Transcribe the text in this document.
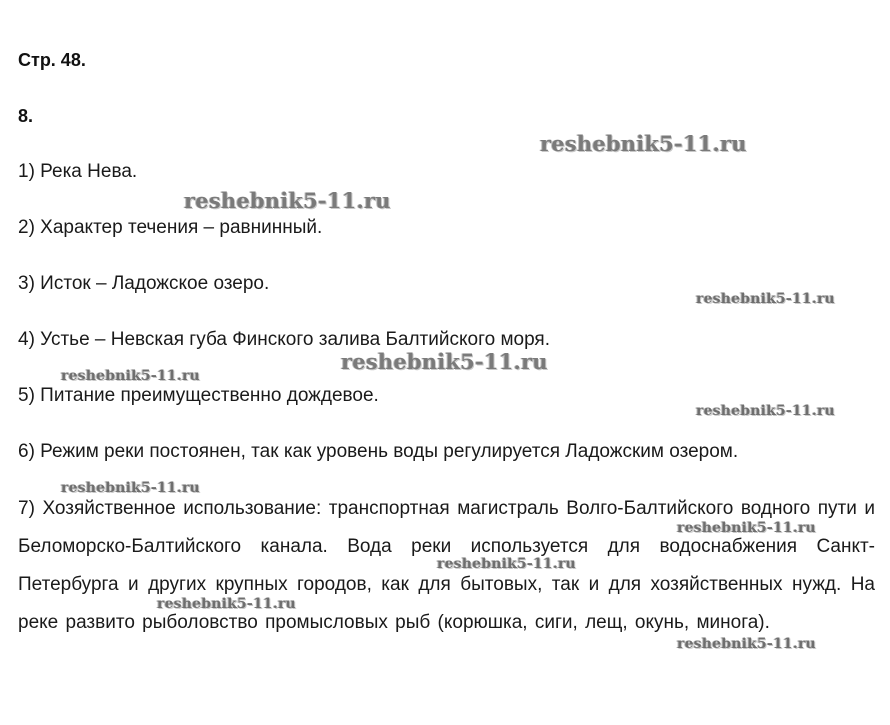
Стр. 48.
8.
1) Река Нева.
2) Характер течения – равнинный.
3) Исток – Ладожское озеро.
4) Устье – Невская губа Финского залива Балтийского моря.
5) Питание преимущественно дождевое.
6) Режим реки постоянен, так как уровень воды регулируется Ладожским озером.
7) Хозяйственное использование: транспортная магистраль Волго-Балтийского водного пути и Беломорско-Балтийского канала. Вода реки используется для водоснабжения Санкт-Петербурга и других крупных городов, как для бытовых, так и для хозяйственных нужд. На реке развито рыболовство промысловых рыб (корюшка, сиги, лещ, окунь, минога).
reshebnik5-11.ru
reshebnik5-11.ru
reshebnik5-11.ru
reshebnik5-11.ru
reshebnik5-11.ru
reshebnik5-11.ru
reshebnik5-11.ru
reshebnik5-11.ru
reshebnik5-11.ru
reshebnik5-11.ru
reshebnik5-11.ru
